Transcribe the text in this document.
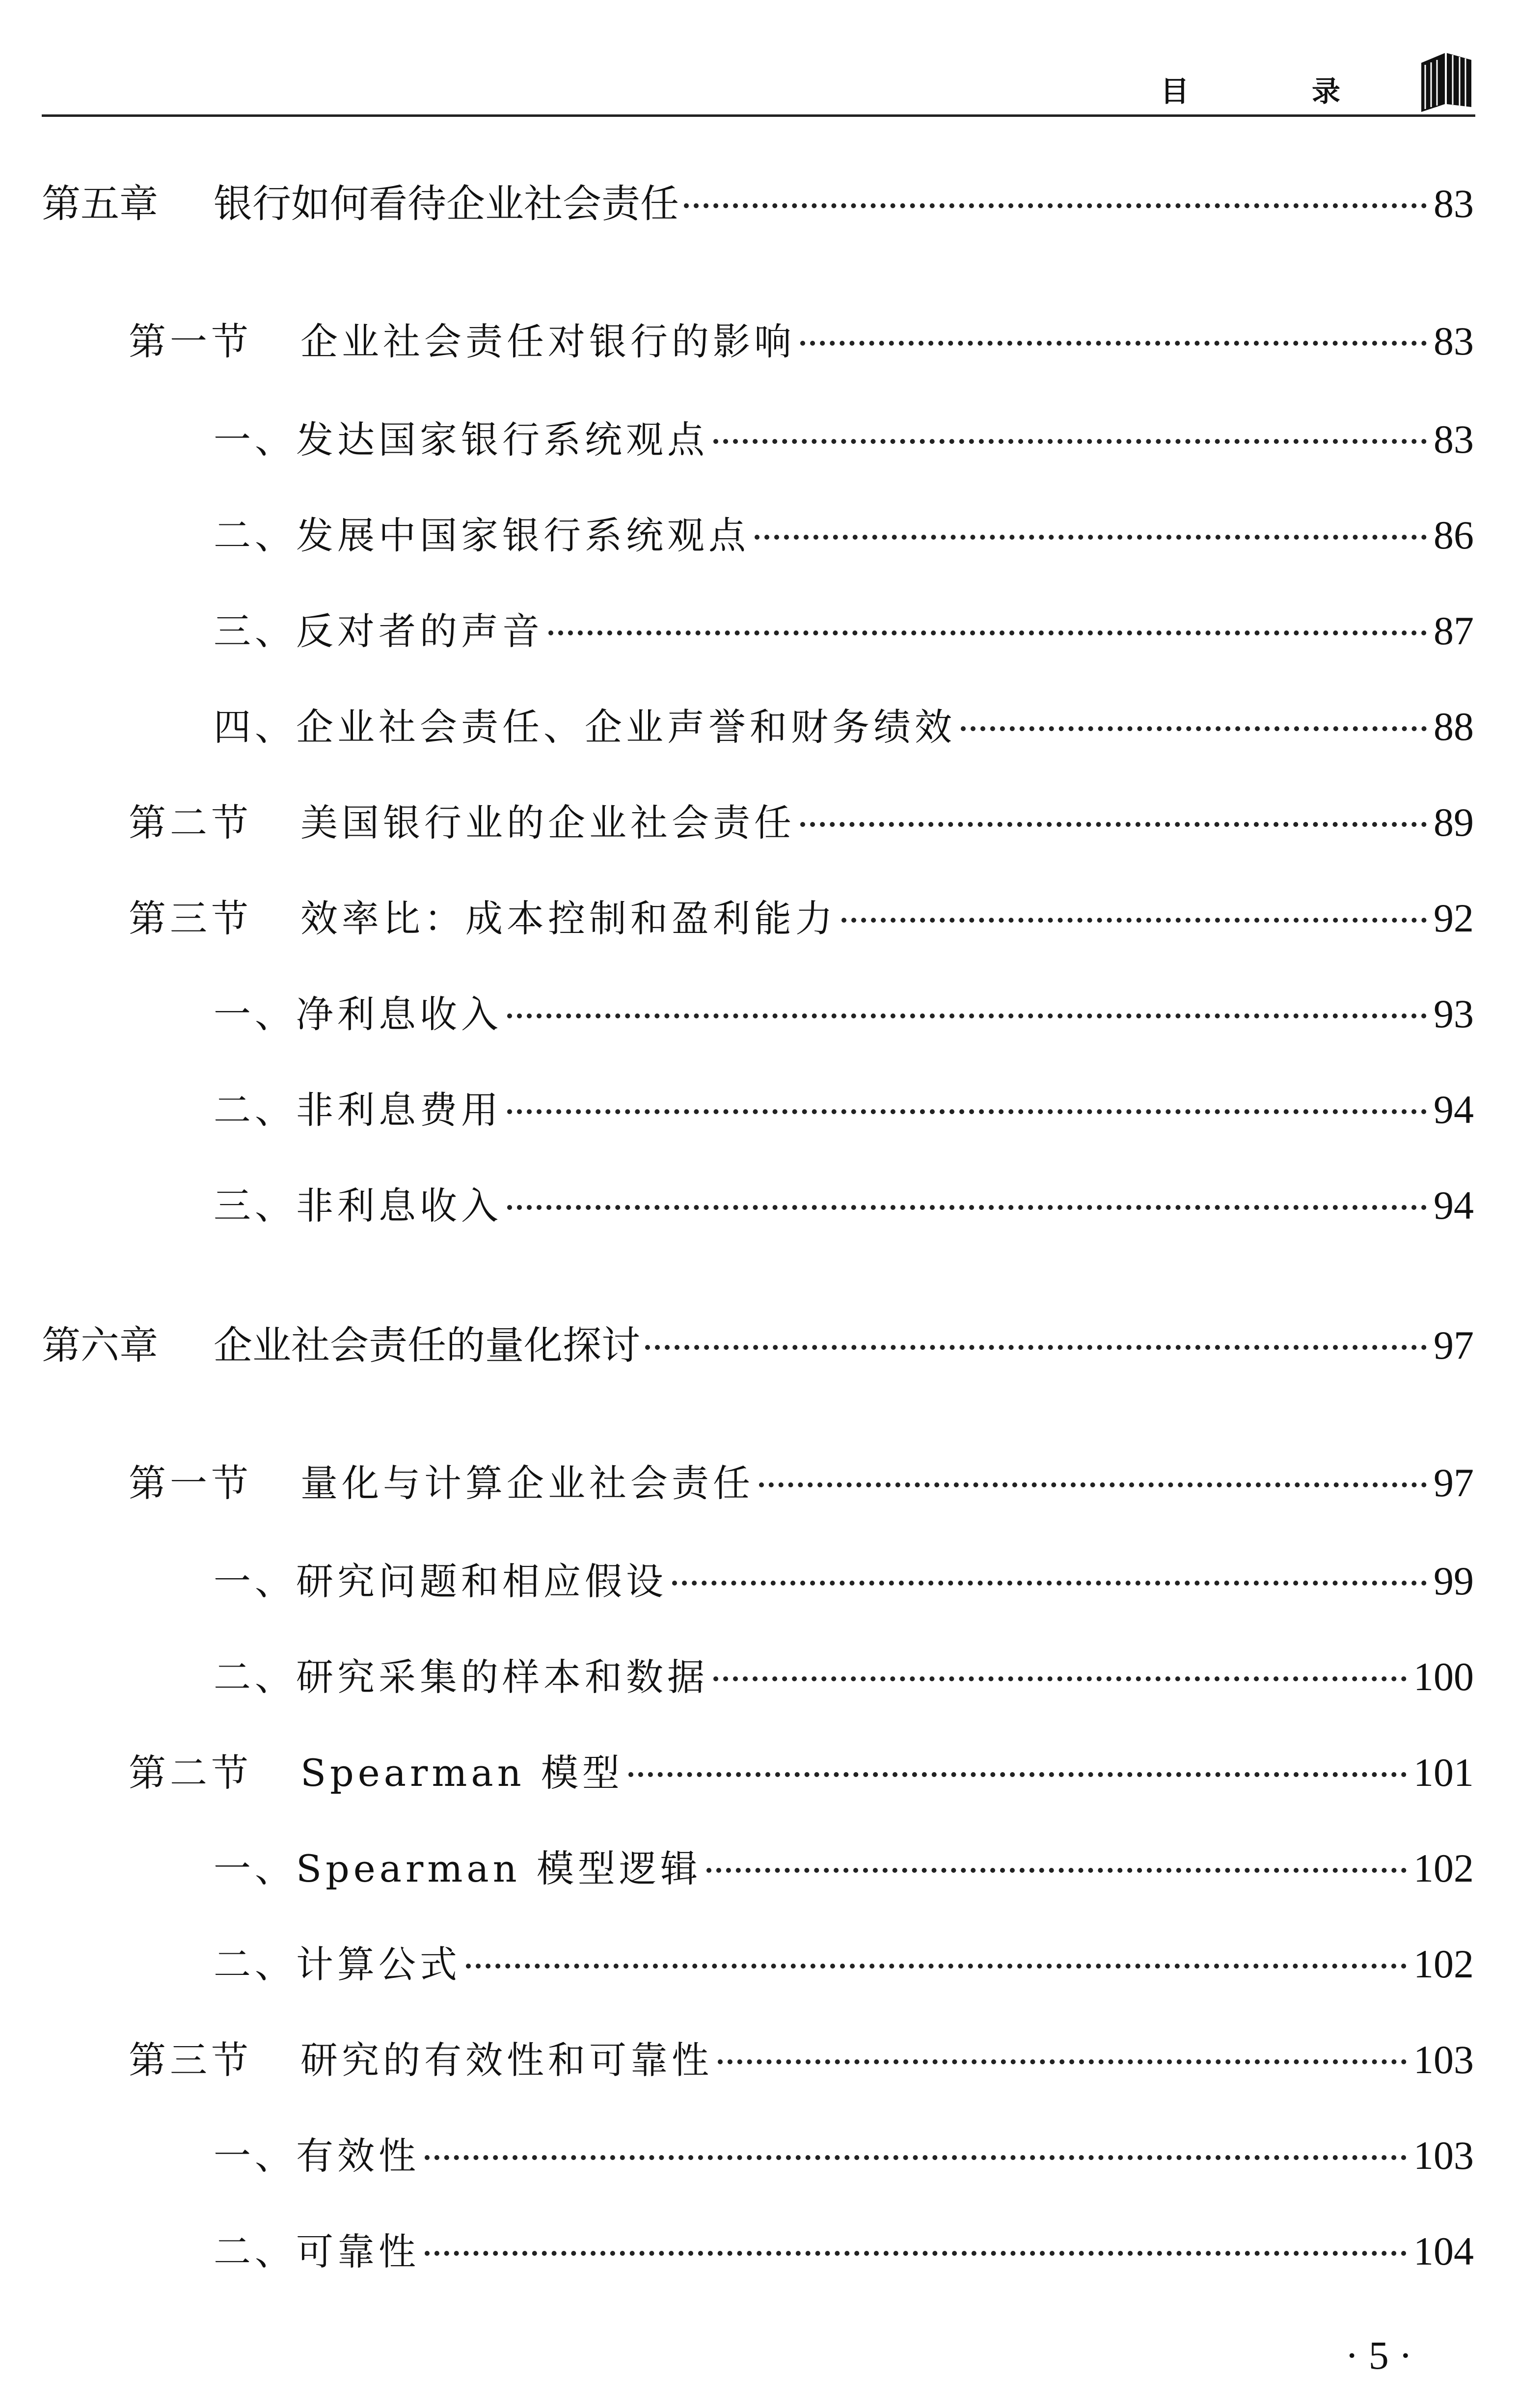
目 录
第五章 银行如何看待企业社会责任	83
第一节 企业社会责任对银行的影响	83
一、发达国家银行系统观点	83
二、发展中国家银行系统观点	86
三、反对者的声音	87
四、企业社会责任、企业声誉和财务绩效	88
第二节 美国银行业的企业社会责任	89
第三节 效率比：成本控制和盈利能力	92
一、净利息收入	93
二、非利息费用	94
三、非利息收入	94
第六章 企业社会责任的量化探讨	97
第一节 量化与计算企业社会责任	97
一、研究问题和相应假设	99
二、研究采集的样本和数据	100
第二节 Spearman 模型	101
一、Spearman 模型逻辑	102
二、计算公式	102
第三节 研究的有效性和可靠性	103
一、有效性	103
二、可靠性	104
· 5 ·
